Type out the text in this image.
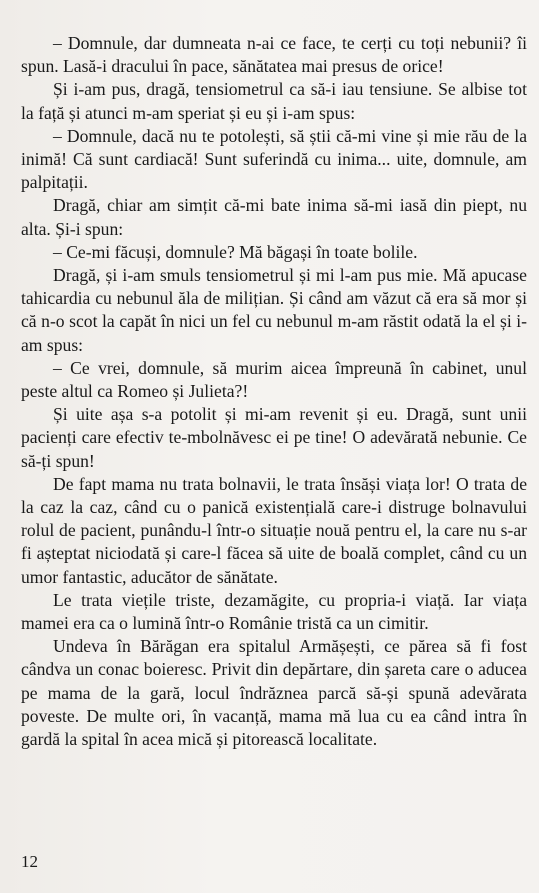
– Domnule, dar dumneata n-ai ce face, te cerți cu toți nebunii? îi spun. Lasă-i dracului în pace, sănătatea mai presus de orice!

Și i-am pus, dragă, tensiometrul ca să-i iau tensiune. Se albise tot la față și atunci m-am speriat și eu și i-am spus:

– Domnule, dacă nu te potolești, să știi că-mi vine și mie rău de la inimă! Că sunt cardiacă! Sunt suferindă cu inima... uite, domnule, am palpitații.

Dragă, chiar am simțit că-mi bate inima să-mi iasă din piept, nu alta. Și-i spun:

– Ce-mi făcuși, domnule? Mă băgași în toate bolile.

Dragă, și i-am smuls tensiometrul și mi l-am pus mie. Mă apucase tahicardia cu nebunul ăla de milițian. Și când am văzut că era să mor și că n-o scot la capăt în nici un fel cu nebunul m-am răstit odată la el și i-am spus:

– Ce vrei, domnule, să murim aicea împreună în cabinet, unul peste altul ca Romeo și Julieta?!

Și uite așa s-a potolit și mi-am revenit și eu. Dragă, sunt unii pacienți care efectiv te-mbolnăvesc ei pe tine! O adevărată nebunie. Ce să-ți spun!

De fapt mama nu trata bolnavii, le trata însăși viața lor! O trata de la caz la caz, când cu o panică existențială care-i distruge bolnavului rolul de pacient, punându-l într-o situație nouă pentru el, la care nu s-ar fi așteptat niciodată și care-l făcea să uite de boală complet, când cu un umor fantastic, aducător de sănătate.

Le trata viețile triste, dezamăgite, cu propria-i viață. Iar viața mamei era ca o lumină într-o Românie tristă ca un cimitir.

Undeva în Bărăgan era spitalul Armășești, ce părea să fi fost cândva un conac boieresc. Privit din depărtare, din șareta care o aducea pe mama de la gară, locul îndrăznea parcă să-și spună adevărata poveste. De multe ori, în vacanță, mama mă lua cu ea când intra în gardă la spital în acea mică și pitorească localitate.

12
